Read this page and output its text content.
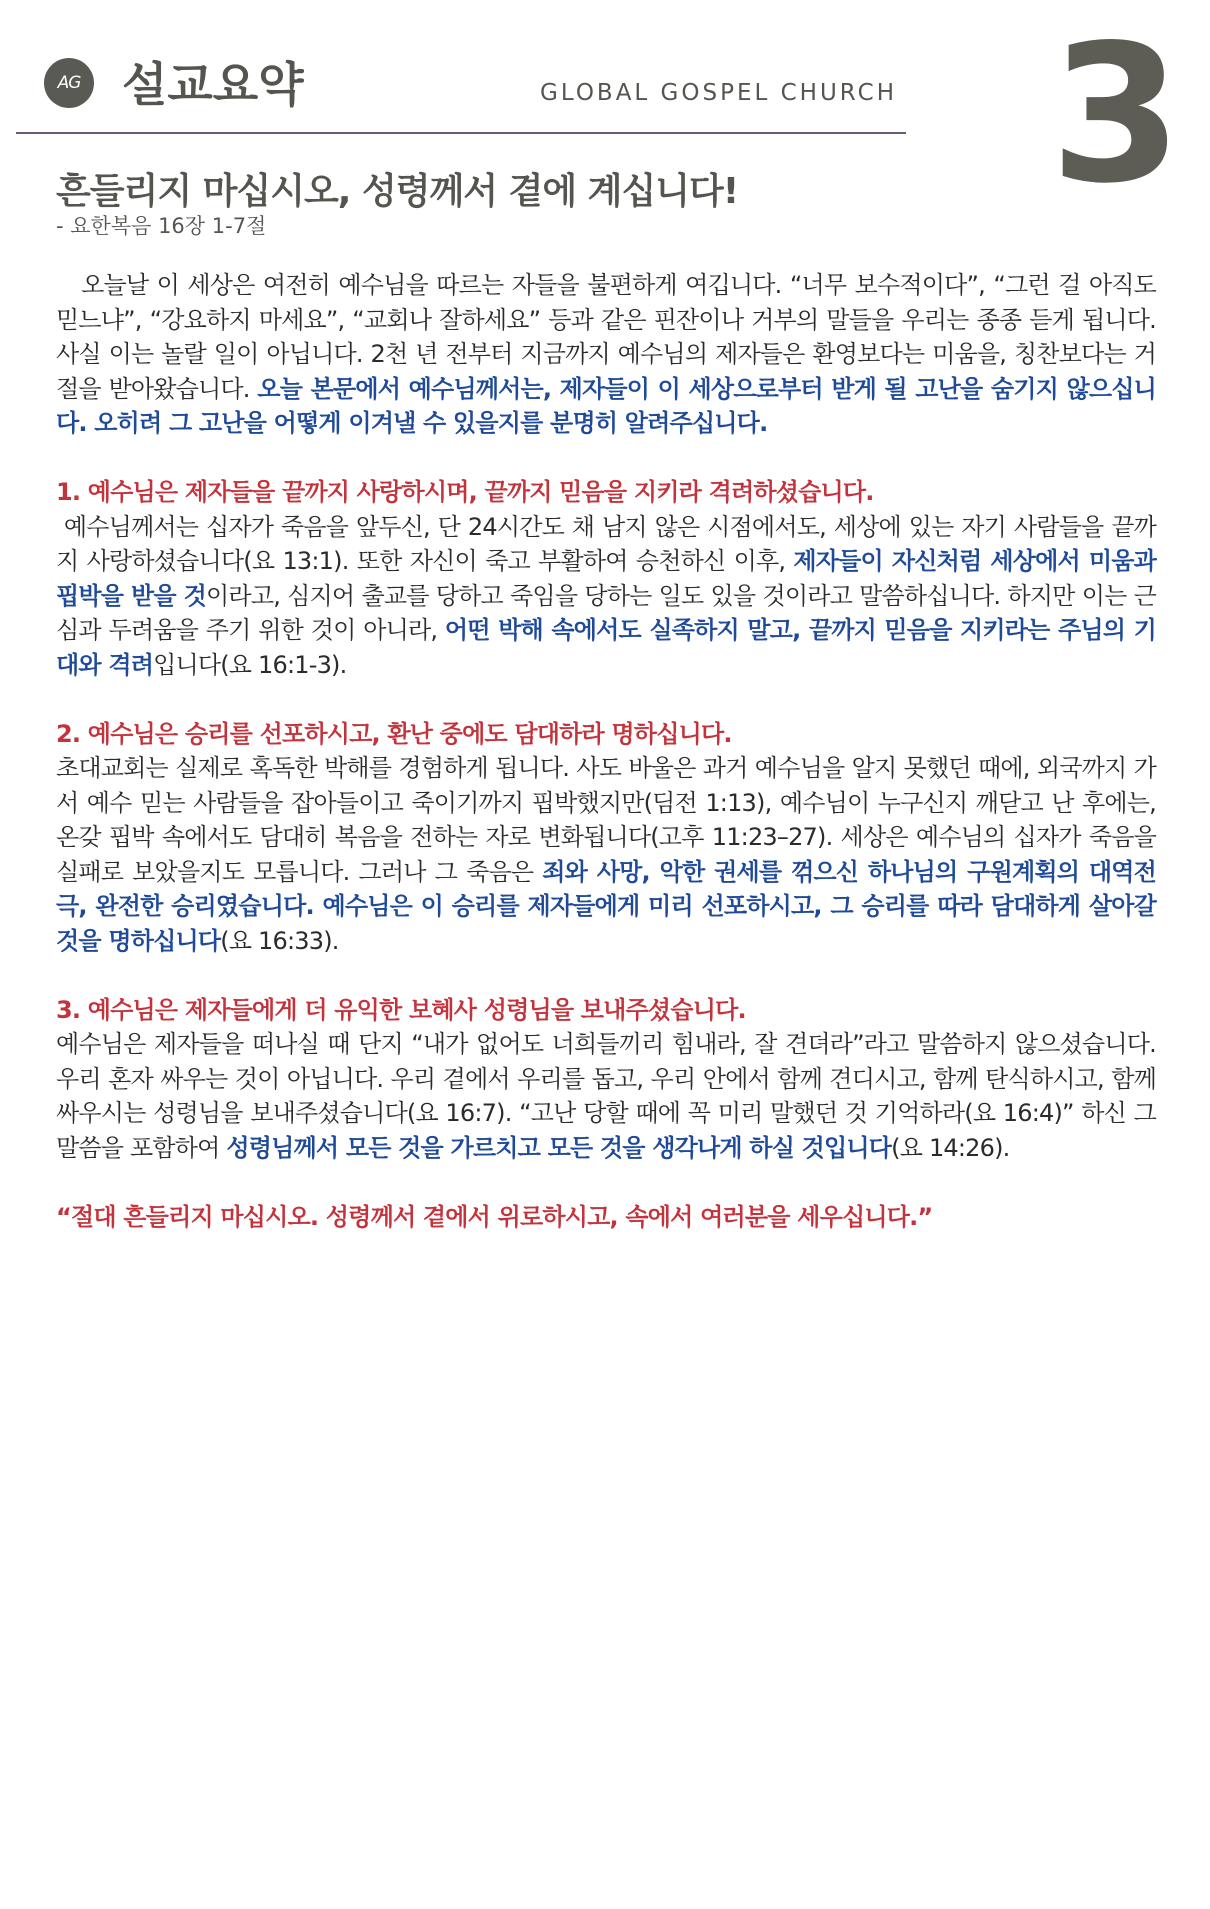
AG 설교요약	GLOBAL GOSPEL CHURCH 3
흔들리지 마십시오, 성령께서 곁에 계십니다!
- 요한복음 16장 1-7절

오늘날 이 세상은 여전히 예수님을 따르는 자들을 불편하게 여깁니다. “너무 보수적이다”, “그런 걸 아직도 믿느냐”, “강요하지 마세요”, “교회나 잘하세요” 등과 같은 핀잔이나 거부의 말들을 우리는 종종 듣게 됩니다. 사실 이는 놀랄 일이 아닙니다. 2천 년 전부터 지금까지 예수님의 제자들은 환영보다는 미움을, 칭찬보다는 거절을 받아왔습니다. 오늘 본문에서 예수님께서는, 제자들이 이 세상으로부터 받게 될 고난을 숨기지 않으십니다. 오히려 그 고난을 어떻게 이겨낼 수 있을지를 분명히 알려주십니다.

1. 예수님은 제자들을 끝까지 사랑하시며, 끝까지 믿음을 지키라 격려하셨습니다.

예수님께서는 십자가 죽음을 앞두신, 단 24시간도 채 남지 않은 시점에서도, 세상에 있는 자기 사람들을 끝까지 사랑하셨습니다(요 13:1). 또한 자신이 죽고 부활하여 승천하신 이후, 제자들이 자신처럼 세상에서 미움과 핍박을 받을 것이라고, 심지어 출교를 당하고 죽임을 당하는 일도 있을 것이라고 말씀하십니다. 하지만 이는 근심과 두려움을 주기 위한 것이 아니라, 어떤 박해 속에서도 실족하지 말고, 끝까지 믿음을 지키라는 주님의 기대와 격려입니다(요 16:1-3).

2. 예수님은 승리를 선포하시고, 환난 중에도 담대하라 명하십니다.

초대교회는 실제로 혹독한 박해를 경험하게 됩니다. 사도 바울은 과거 예수님을 알지 못했던 때에, 외국까지 가서 예수 믿는 사람들을 잡아들이고 죽이기까지 핍박했지만(딤전 1:13), 예수님이 누구신지 깨닫고 난 후에는, 온갖 핍박 속에서도 담대히 복음을 전하는 자로 변화됩니다(고후 11:23–27). 세상은 예수님의 십자가 죽음을 실패로 보았을지도 모릅니다. 그러나 그 죽음은 죄와 사망, 악한 권세를 꺾으신 하나님의 구원계획의 대역전극, 완전한 승리였습니다. 예수님은 이 승리를 제자들에게 미리 선포하시고, 그 승리를 따라 담대하게 살아갈 것을 명하십니다(요 16:33).

3. 예수님은 제자들에게 더 유익한 보혜사 성령님을 보내주셨습니다.

예수님은 제자들을 떠나실 때 단지 “내가 없어도 너희들끼리 힘내라, 잘 견뎌라”라고 말씀하지 않으셨습니다. 우리 혼자 싸우는 것이 아닙니다. 우리 곁에서 우리를 돕고, 우리 안에서 함께 견디시고, 함께 탄식하시고, 함께 싸우시는 성령님을 보내주셨습니다(요 16:7). “고난 당할 때에 꼭 미리 말했던 것 기억하라(요 16:4)” 하신 그 말씀을 포함하여 성령님께서 모든 것을 가르치고 모든 것을 생각나게 하실 것입니다(요 14:26).

“절대 흔들리지 마십시오. 성령께서 곁에서 위로하시고, 속에서 여러분을 세우십니다.”
